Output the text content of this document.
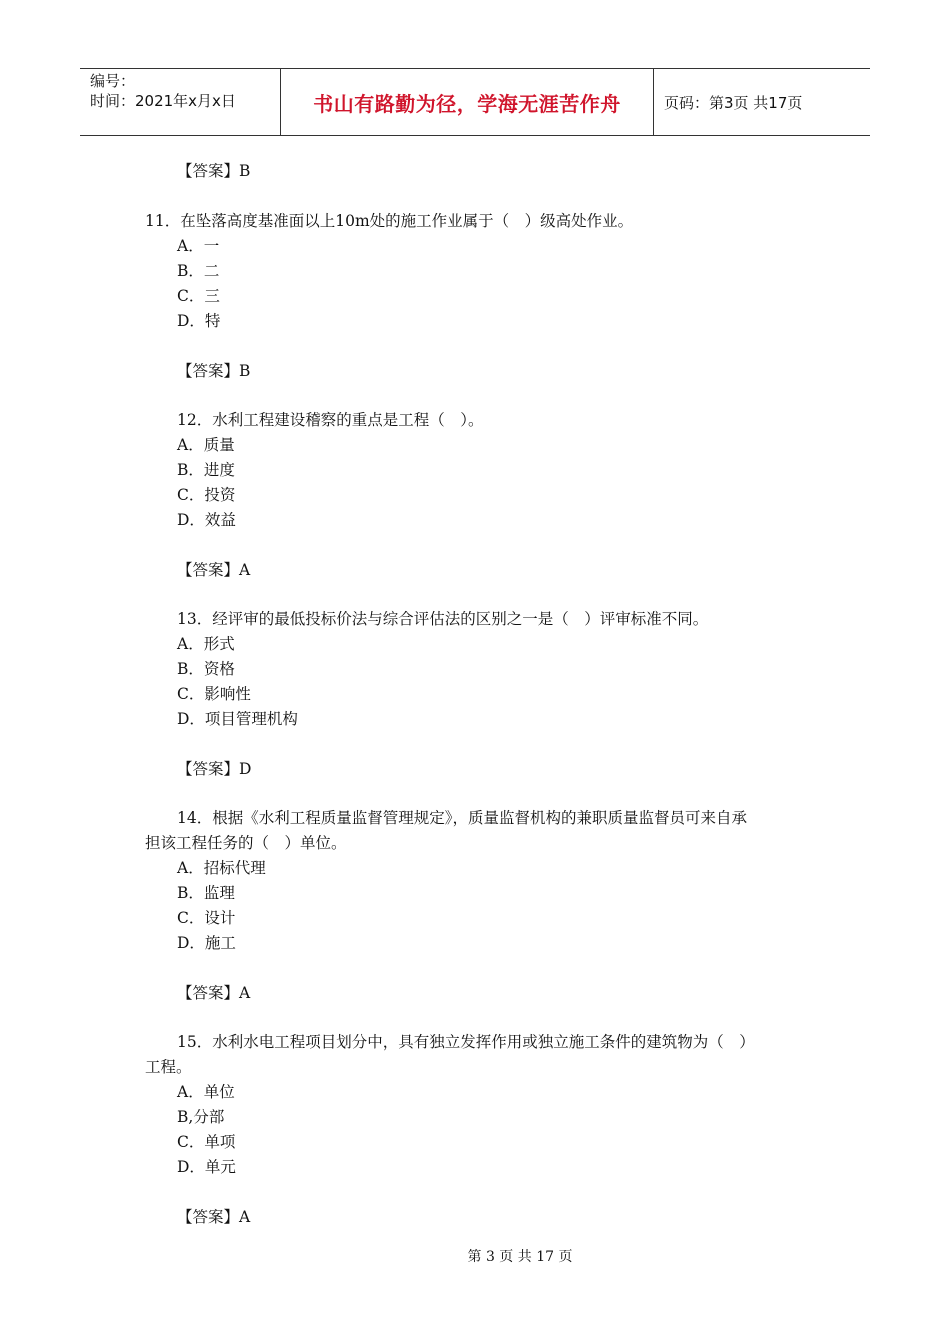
编号：
时间：2021年x月x日	书山有路勤为径，学海无涯苦作舟	页码：第3页 共17页
【答案】B
11．在坠落高度基准面以上10m处的施工作业属于（　）级高处作业。
A．一
B．二
C．三
D．特
【答案】B
12．水利工程建设稽察的重点是工程（　）。
A．质量
B．进度
C．投资
D．效益
【答案】A
13．经评审的最低投标价法与综合评估法的区别之一是（　）评审标准不同。
A．形式
B．资格
C．影响性
D．项目管理机构
【答案】D
14．根据《水利工程质量监督管理规定》，质量监督机构的兼职质量监督员可来自承
担该工程任务的（　）单位。
A．招标代理
B．监理
C．设计
D．施工
【答案】A
15．水利水电工程项目划分中，具有独立发挥作用或独立施工条件的建筑物为（　）
工程。
A．单位
B,分部
C．单项
D．单元
【答案】A
第 3 页 共 17 页
